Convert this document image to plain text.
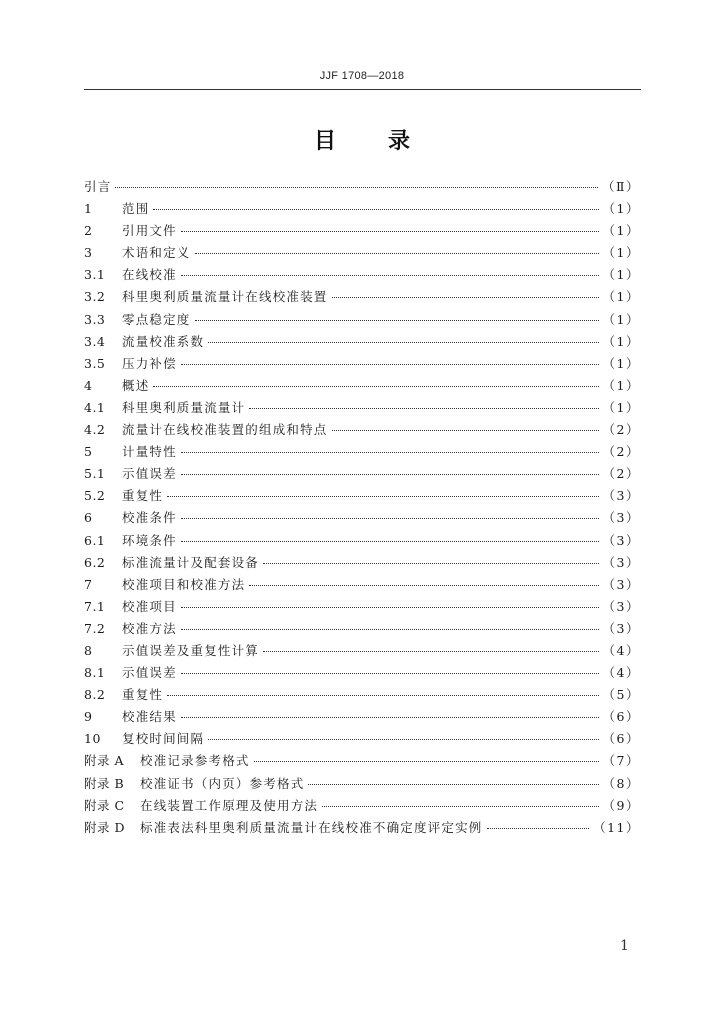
JJF 1708—2018
目 录
引言	（Ⅱ）
1	范围	（1）
2	引用文件	（1）
3	术语和定义	（1）
3.1	在线校准	（1）
3.2	科里奥利质量流量计在线校准装置	（1）
3.3	零点稳定度	（1）
3.4	流量校准系数	（1）
3.5	压力补偿	（1）
4	概述	（1）
4.1	科里奥利质量流量计	（1）
4.2	流量计在线校准装置的组成和特点	（2）
5	计量特性	（2）
5.1	示值误差	（2）
5.2	重复性	（3）
6	校准条件	（3）
6.1	环境条件	（3）
6.2	标准流量计及配套设备	（3）
7	校准项目和校准方法	（3）
7.1	校准项目	（3）
7.2	校准方法	（3）
8	示值误差及重复性计算	（4）
8.1	示值误差	（4）
8.2	重复性	（5）
9	校准结果	（6）
10	复校时间间隔	（6）
附录 A	校准记录参考格式	（7）
附录 B	校准证书（内页）参考格式	（8）
附录 C	在线装置工作原理及使用方法	（9）
附录 D	标准表法科里奥利质量流量计在线校准不确定度评定实例	（11）
1
